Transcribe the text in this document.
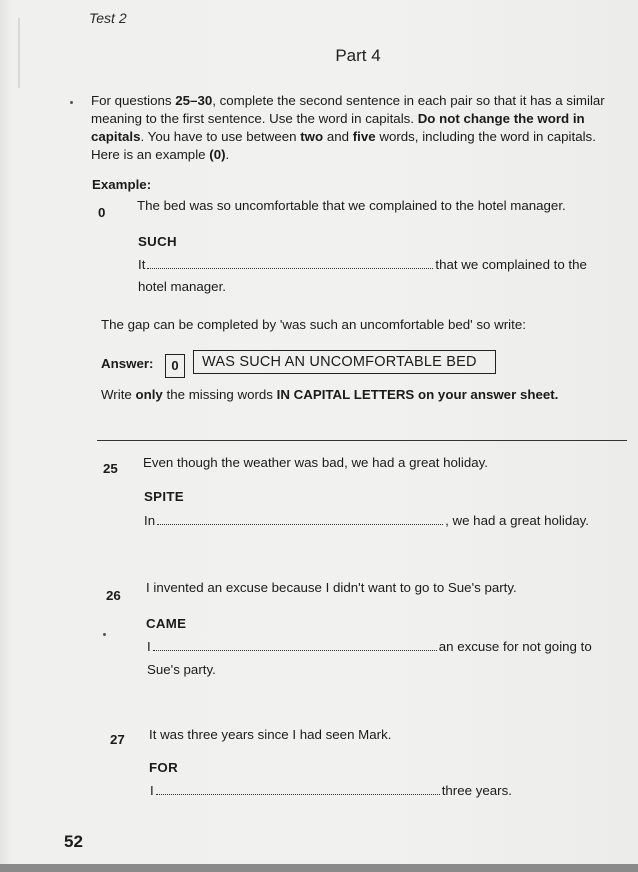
Test 2
Part 4
For questions 25–30, complete the second sentence in each pair so that it has a similar meaning to the first sentence. Use the word in capitals. Do not change the word in capitals. You have to use between two and five words, including the word in capitals. Here is an example (0).
Example:
0 The bed was so uncomfortable that we complained to the hotel manager.
SUCH
It	that we complained to the
hotel manager.
The gap can be completed by 'was such an uncomfortable bed' so write:
Answer:	0	WAS SUCH AN UNCOMFORTABLE BED
Write only the missing words IN CAPITAL LETTERS on your answer sheet.
25 Even though the weather was bad, we had a great holiday.
SPITE
In	, we had a great holiday.
26
I invented an excuse because I didn't want to go to Sue's party.
CAME
I	an excuse for not going to
Sue's party.
27 It was three years since I had seen Mark.
FOR
I	three years.
52
